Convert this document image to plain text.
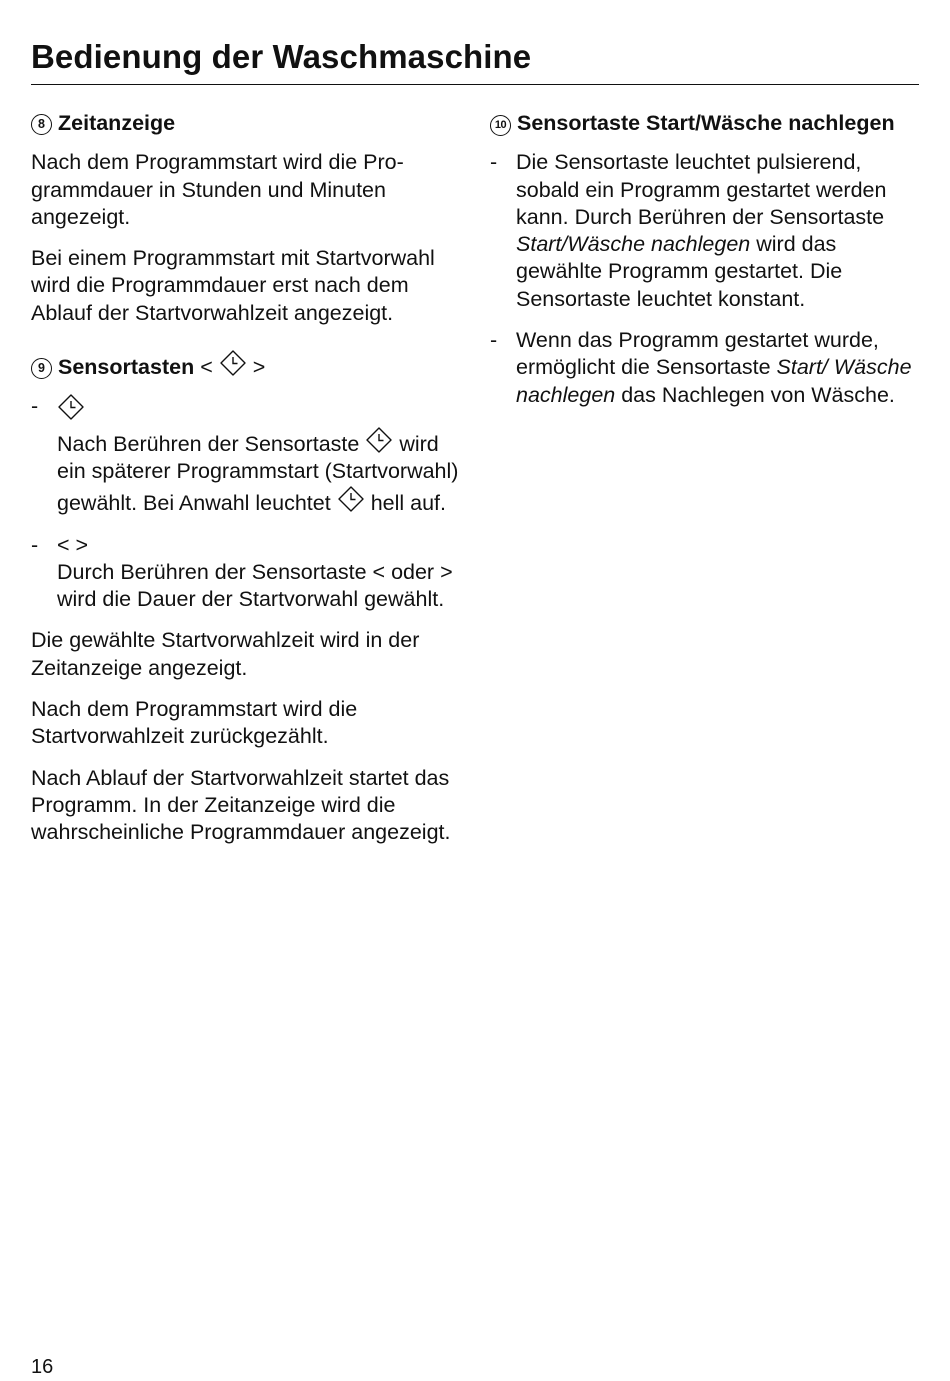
Bedienung der Waschmaschine
8 Zeitanzeige

Nach dem Programmstart wird die Programmdauer in Stunden und Minuten angezeigt.

Bei einem Programmstart mit Startvorwahl wird die Programmdauer erst nach dem Ablauf der Startvorwahlzeit angezeigt.

9 Sensortasten < >
-
Nach Berühren der Sensortaste wird ein späterer Programmstart (Startvorwahl) gewählt. Bei Anwahl leuchtet hell auf.
- < >
Durch Berühren der Sensortaste < oder > wird die Dauer der Startvorwahl gewählt.

Die gewählte Startvorwahlzeit wird in der Zeitanzeige angezeigt.

Nach dem Programmstart wird die Startvorwahlzeit zurückgezählt.

Nach Ablauf der Startvorwahlzeit startet das Programm. In der Zeitanzeige wird die wahrscheinliche Programmdauer angezeigt.

10 Sensortaste Start/Wäsche nachlegen
- Die Sensortaste leuchtet pulsierend, sobald ein Programm gestartet werden kann. Durch Berühren der Sensortaste Start/Wäsche nachlegen wird das gewählte Programm gestartet. Die Sensortaste leuchtet konstant.
- Wenn das Programm gestartet wurde, ermöglicht die Sensortaste Start/ Wäsche nachlegen das Nachlegen von Wäsche.
16
